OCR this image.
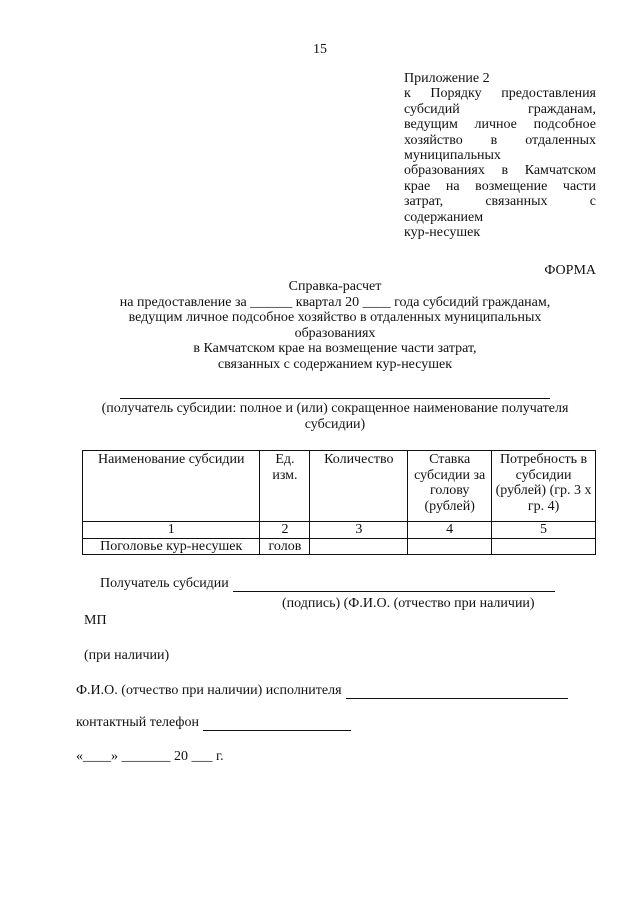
15
Приложение 2
к Порядку предоставления
субсидий гражданам,
ведущим личное подсобное
хозяйство в отдаленных
муниципальных
образованиях в Камчатском
крае на возмещение части
затрат, связанных с
содержанием
кур-несушек
ФОРМА
Справка-расчет
на предоставление за ______ квартал 20 ____ года субсидий гражданам,
ведущим личное подсобное хозяйство в отдаленных муниципальных
образованиях
в Камчатском крае на возмещение части затрат,
связанных с содержанием кур-несушек
(получатель субсидии: полное и (или) сокращенное наименование получателя
субсидии)
Наименование субсидии	Ед. изм.	Количество	Ставка субсидии за голову (рублей)	Потребность в субсидии (рублей) (гр. 3 х гр. 4)
1	2	3	4	5
Поголовье кур-несушек	голов			
Получатель субсидии
(подпись) (Ф.И.О. (отчество при наличии)
МП
(при наличии)
Ф.И.О. (отчество при наличии) исполнителя
контактный телефон
«____» _______ 20 ___ г.
